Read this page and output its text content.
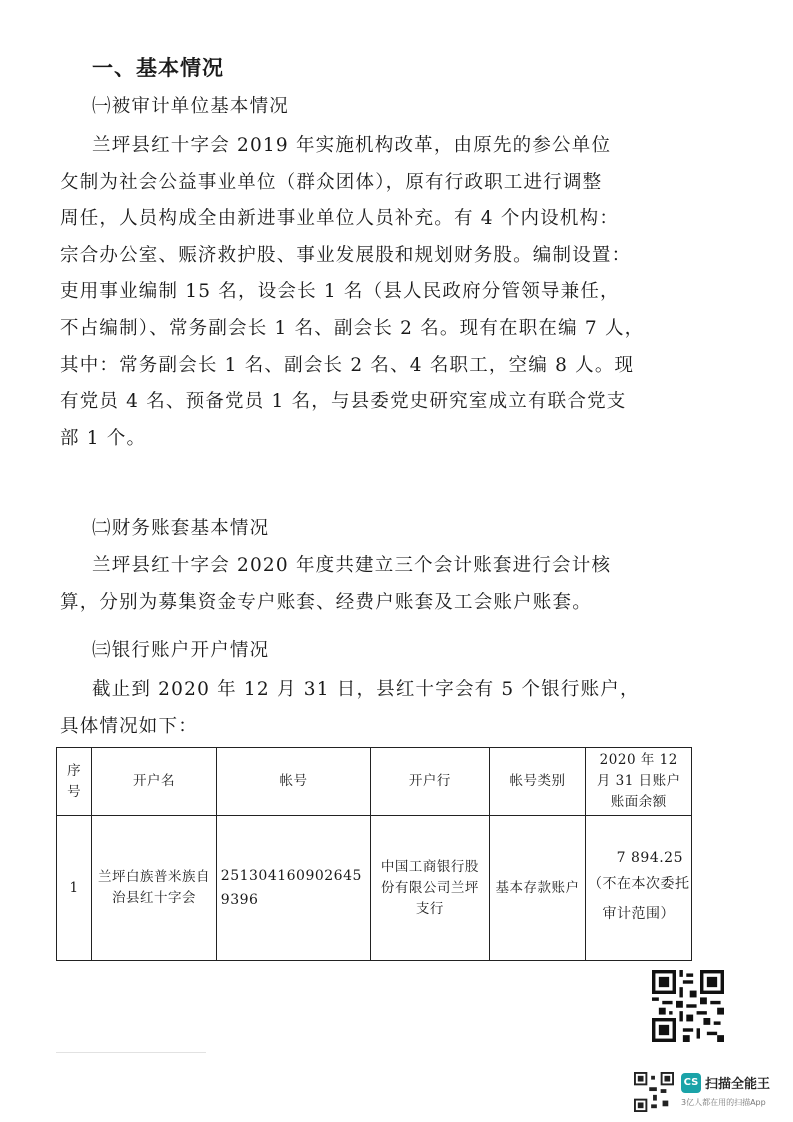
一、基本情况
㈠被审计单位基本情况
兰坪县红十字会 2019 年实施机构改革，由原先的参公单位
攵制为社会公益事业单位（群众团体），原有行政职工进行调整
周任，人员构成全由新进事业单位人员补充。有 4 个内设机构：
宗合办公室、赈济救护股、事业发展股和规划财务股。编制设置：
吏用事业编制 15 名，设会长 1 名（县人民政府分管领导兼任，
不占编制）、常务副会长 1 名、副会长 2 名。现有在职在编 7 人，
其中：常务副会长 1 名、副会长 2 名、4 名职工，空编 8 人。现
有党员 4 名、预备党员 1 名，与县委党史研究室成立有联合党支
部 1 个。
㈡财务账套基本情况
兰坪县红十字会 2020 年度共建立三个会计账套进行会计核
算，分别为募集资金专户账套、经费户账套及工会账户账套。
㈢银行账户开户情况
截止到 2020 年 12 月 31 日，县红十字会有 5 个银行账户，
具体情况如下：
序号	开户名	帐号	开户行	帐号类别	2020 年 12 月 31 日账户账面余额
1	兰坪白族普米族自治县红十字会	2513041609026459396	中国工商银行股份有限公司兰坪支行	基本存款账户	7 894.25
（不在本次委托审计范围）
CS 扫描全能王
3亿人都在用的扫描App
